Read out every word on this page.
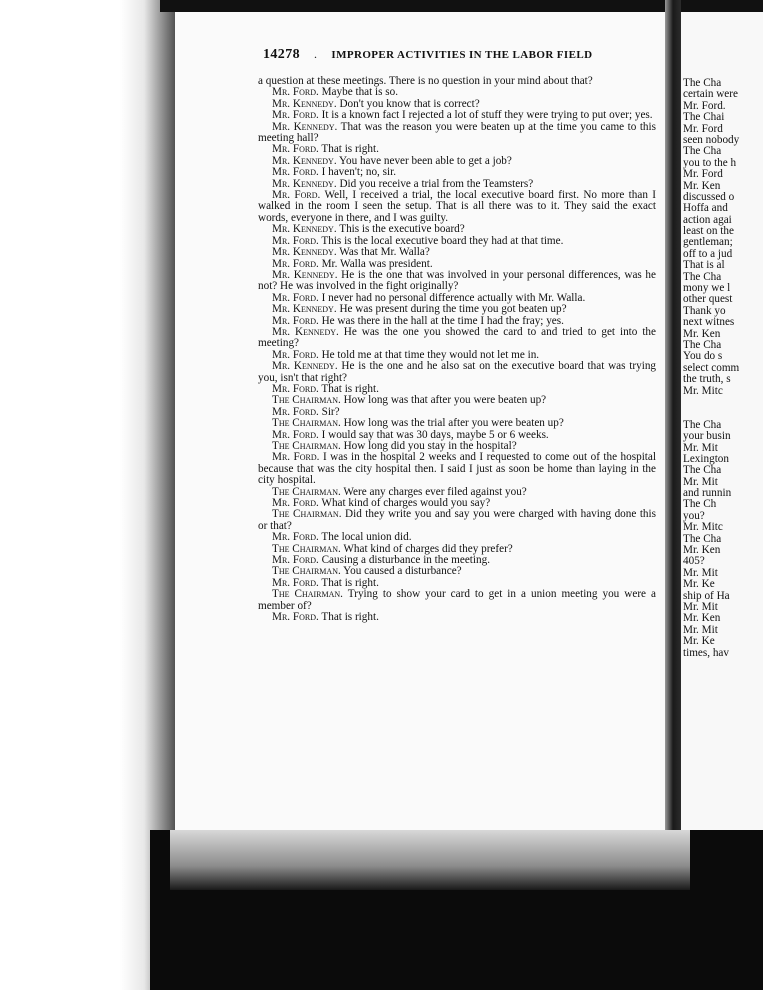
14278 . IMPROPER ACTIVITIES IN THE LABOR FIELD

a question at these meetings. There is no question in your mind about that?

Mr. Ford. Maybe that is so.

Mr. Kennedy. Don't you know that is correct?

Mr. Ford. It is a known fact I rejected a lot of stuff they were trying to put over; yes.

Mr. Kennedy. That was the reason you were beaten up at the time you came to this meeting hall?

Mr. Ford. That is right.

Mr. Kennedy. You have never been able to get a job?

Mr. Ford. I haven't; no, sir.

Mr. Kennedy. Did you receive a trial from the Teamsters?

Mr. Ford. Well, I received a trial, the local executive board first. No more than I walked in the room I seen the setup. That is all there was to it. They said the exact words, everyone in there, and I was guilty.

Mr. Kennedy. This is the executive board?

Mr. Ford. This is the local executive board they had at that time.

Mr. Kennedy. Was that Mr. Walla?

Mr. Ford. Mr. Walla was president.

Mr. Kennedy. He is the one that was involved in your personal differences, was he not? He was involved in the fight originally?

Mr. Ford. I never had no personal difference actually with Mr. Walla.

Mr. Kennedy. He was present during the time you got beaten up?

Mr. Ford. He was there in the hall at the time I had the fray; yes.

Mr. Kennedy. He was the one you showed the card to and tried to get into the meeting?

Mr. Ford. He told me at that time they would not let me in.

Mr. Kennedy. He is the one and he also sat on the executive board that was trying you, isn't that right?

Mr. Ford. That is right.

The Chairman. How long was that after you were beaten up?

Mr. Ford. Sir?

The Chairman. How long was the trial after you were beaten up?

Mr. Ford. I would say that was 30 days, maybe 5 or 6 weeks.

The Chairman. How long did you stay in the hospital?

Mr. Ford. I was in the hospital 2 weeks and I requested to come out of the hospital because that was the city hospital then. I said I just as soon be home than laying in the city hospital.

The Chairman. Were any charges ever filed against you?

Mr. Ford. What kind of charges would you say?

The Chairman. Did they write you and say you were charged with having done this or that?

Mr. Ford. The local union did.

The Chairman. What kind of charges did they prefer?

Mr. Ford. Causing a disturbance in the meeting.

The Chairman. You caused a disturbance?

Mr. Ford. That is right.

The Chairman. Trying to show your card to get in a union meeting you were a member of?

Mr. Ford. That is right.

The Cha
certain were
Mr. Ford.
The Chai
Mr. Ford
seen nobody
The Cha
you to the h
Mr. Ford
Mr. Ken
discussed o
Hoffa and
action agai
least on the
gentleman;
off to a jud
That is al
The Cha
mony we l
other quest
Thank yo
next witnes
Mr. Ken
The Cha
You do s
select comm
the truth, s
Mr. Mitc
The Cha
your busin
Mr. Mit
Lexington
The Cha
Mr. Mit
and runnin
The Ch
you?
Mr. Mitc
The Cha
Mr. Ken
405?
Mr. Mit
Mr. Ke
ship of Ha
Mr. Mit
Mr. Ken
Mr. Mit
Mr. Ke
times, hav
